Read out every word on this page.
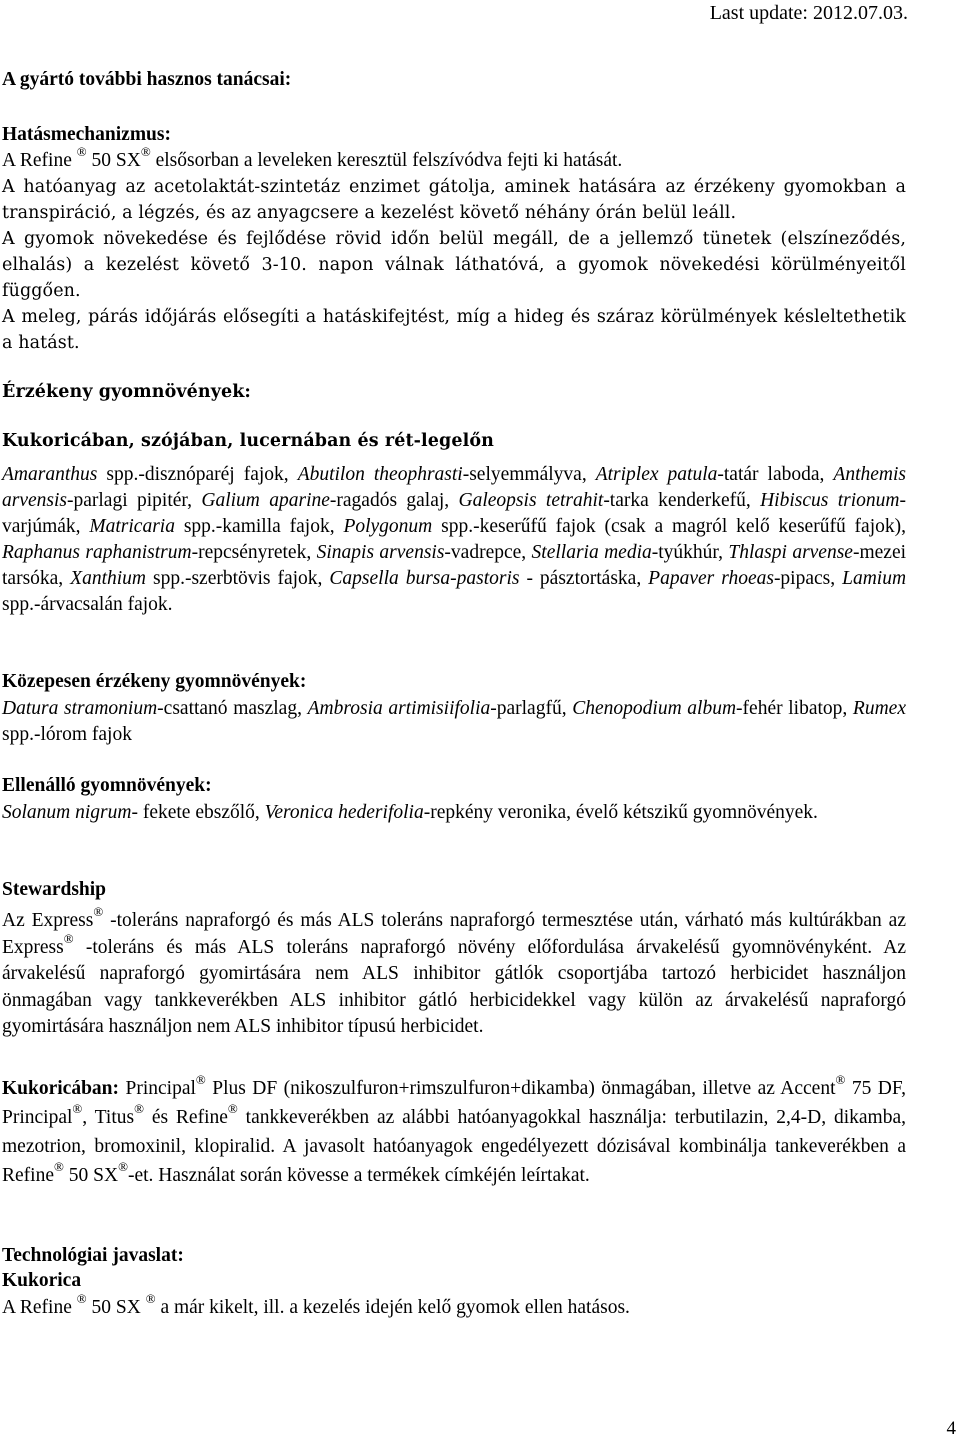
Last update: 2012.07.03.
A gyártó további hasznos tanácsai:
Hatásmechanizmus:

A Refine ® 50 SX® elsősorban a leveleken keresztül felszívódva fejti ki hatását.

A hatóanyag az acetolaktát-szintetáz enzimet gátolja, aminek hatására az érzékeny gyomokban a transpiráció, a légzés, és az anyagcsere a kezelést követő néhány órán belül leáll.

A gyomok növekedése és fejlődése rövid időn belül megáll, de a jellemző tünetek (elszíneződés, elhalás) a kezelést követő 3-10. napon válnak láthatóvá, a gyomok növekedési körülményeitől függően.

A meleg, párás időjárás elősegíti a hatáskifejtést, míg a hideg és száraz körülmények késleltethetik a hatást.

Érzékeny gyomnövények:
Kukoricában, szójában, lucernában és rét-legelőn

Amaranthus spp.-disznóparéj fajok, Abutilon theophrasti-selyemmályva, Atriplex patula-tatár laboda, Anthemis arvensis-parlagi pipitér, Galium aparine-ragadós galaj, Galeopsis tetrahit-tarka kenderkefű, Hibiscus trionum-varjúmák, Matricaria spp.-kamilla fajok, Polygonum spp.-keserűfű fajok (csak a magról kelő keserűfű fajok), Raphanus raphanistrum-repcsényretek, Sinapis arvensis-vadrepce, Stellaria media-tyúkhúr, Thlaspi arvense-mezei tarsóka, Xanthium spp.-szerbtövis fajok, Capsella bursa-pastoris - pásztortáska, Papaver rhoeas-pipacs, Lamium spp.-árvacsalán fajok.

Közepesen érzékeny gyomnövények:

Datura stramonium-csattanó maszlag, Ambrosia artimisiifolia-parlagfű, Chenopodium album-fehér libatop, Rumex spp.-lórom fajok

Ellenálló gyomnövények:

Solanum nigrum- fekete ebszőlő, Veronica hederifolia-repkény veronika, évelő kétszikű gyomnövények.

Stewardship

Az Express® -toleráns napraforgó és más ALS toleráns napraforgó termesztése után, várható más kultúrákban az Express® -toleráns és más ALS toleráns napraforgó növény előfordulása árvakelésű gyomnövényként. Az árvakelésű napraforgó gyomirtására nem ALS inhibitor gátlók csoportjába tartozó herbicidet használjon önmagában vagy tankkeverékben ALS inhibitor gátló herbicidekkel vagy külön az árvakelésű napraforgó gyomirtására használjon nem ALS inhibitor típusú herbicidet.

Kukoricában: Principal® Plus DF (nikoszulfuron+rimszulfuron+dikamba) önmagában, illetve az Accent® 75 DF, Principal®, Titus® és Refine® tankkeverékben az alábbi hatóanyagokkal használja: terbutilazin, 2,4-D, dikamba, mezotrion, bromoxinil, klopiralid. A javasolt hatóanyagok engedélyezett dózisával kombinálja tankeverékben a Refine® 50 SX®-et. Használat során kövesse a termékek címkéjén leírtakat.

Technológiai javaslat:
Kukorica

A Refine ® 50 SX ® a már kikelt, ill. a kezelés idején kelő gyomok ellen hatásos.

4
